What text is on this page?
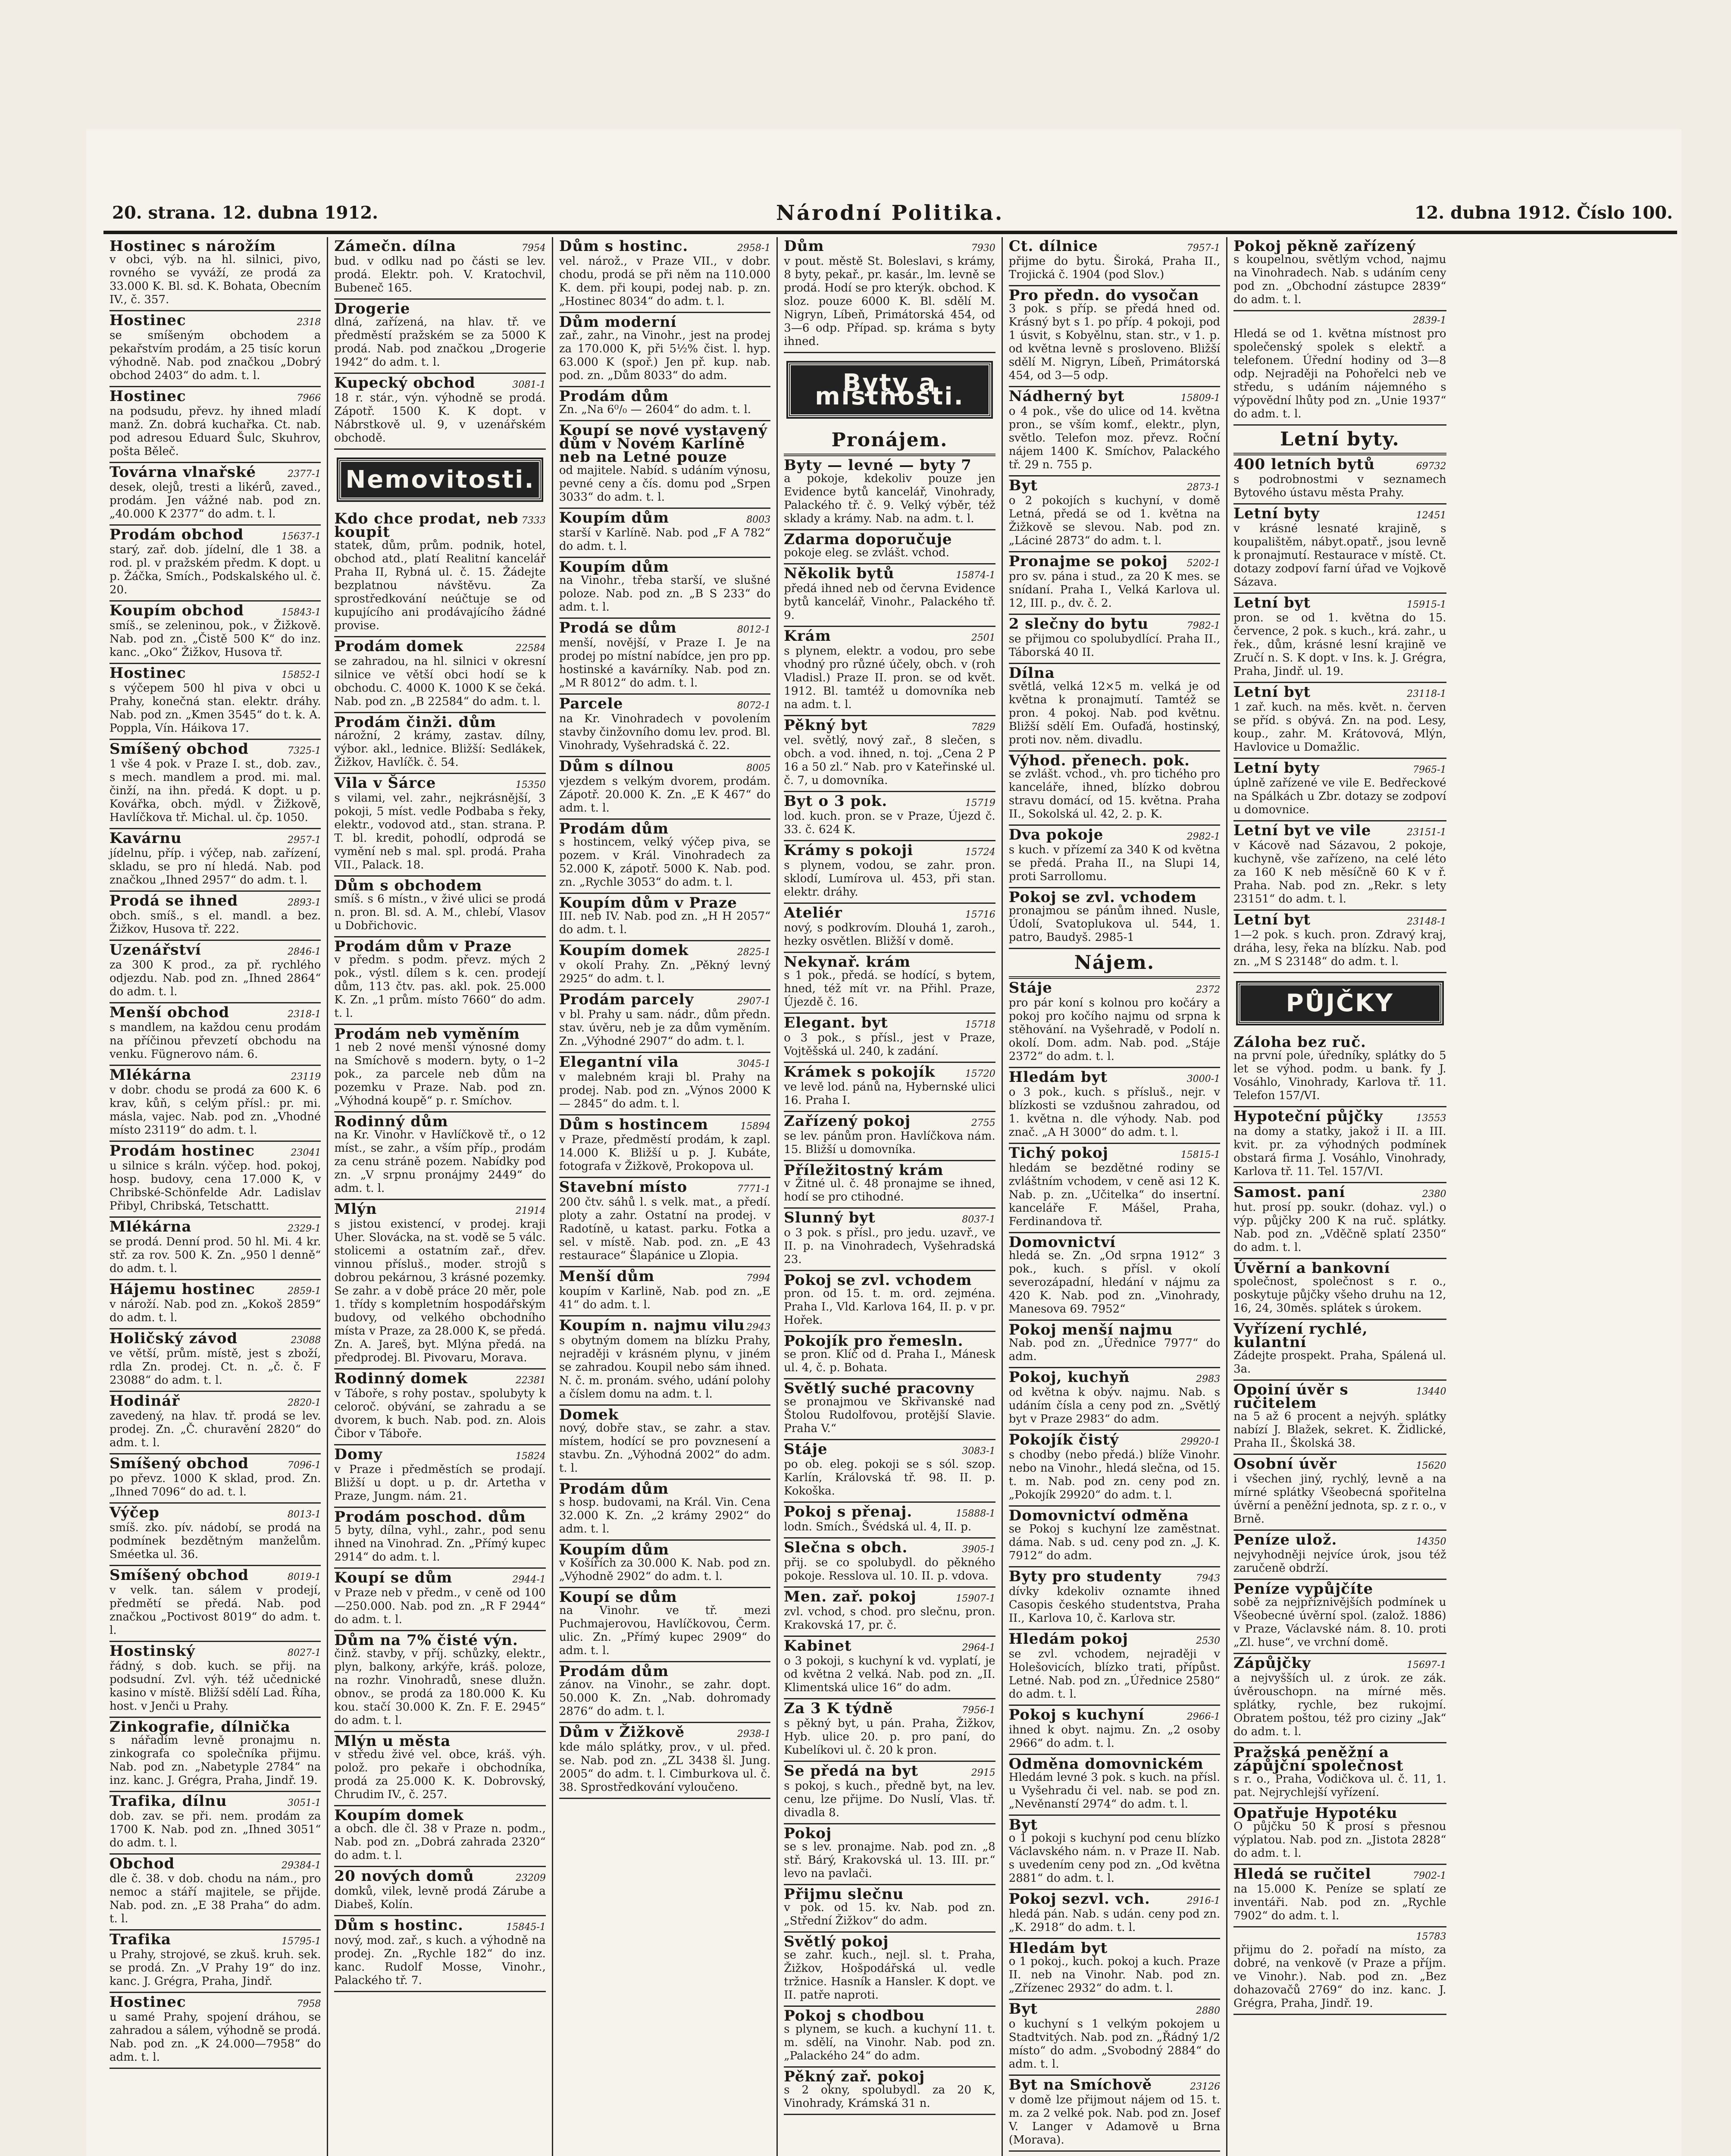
20. strana. 12. dubna 1912.	Národní Politika.	12. dubna 1912. Číslo 100.
Hostinec s nárožím
v obci, výb. na hl. silnici, pivo, rovného se vyváží, ze prodá za 33.000 K. Bl. sd. K. Bohata, Obecním IV., č. 357.
Hostinec	2318
se smíšeným obchodem a pekařstvím prodám, a 25 tisíc korun výhodně. Nab. pod značkou „Dobrý obchod 2403“ do adm. t. l.
Hostinec	7966
na podsudu, převz. hy ihned mladí manž. Zn. dobrá kuchařka. Ct. nab. pod adresou Eduard Šulc, Skuhrov, pošta Běleč.
Továrna vlnařské	2377-1
desek, olejů, tresti a likérů, zaved., prodám. Jen vážné nab. pod zn. „40.000 K 2377“ do adm. t. l.
Prodám obchod	15637-1
starý, zař. dob. jídelní, dle 1 38. a rod. pl. v pražském předm. K dopt. u p. Žáčka, Smích., Podskalského ul. č. 20.
Koupím obchod	15843-1
smíš., se zeleninou, pok., v Žižkově. Nab. pod zn. „Čistě 500 K“ do inz. kanc. „Oko“ Žižkov, Husova tř.
Hostinec	15852-1
s výčepem 500 hl piva v obci u Prahy, konečná stan. elektr. dráhy. Nab. pod zn. „Kmen 3545“ do t. k. A. Poppla, Vín. Háikova 17.
Smíšený obchod	7325-1
1 vše 4 pok. v Praze I. st., dob. zav., s mech. mandlem a prod. mi. mal. činží, na ihn. předá. K dopt. u p. Kovářka, obch. mýdl. v Žižkově, Havlíčkova tř. Michal. ul. čp. 1050.
Kavárnu	2957-1
jídelnu, příp. i výčep, nab. zařízení, skladu, se pro ní hledá. Nab. pod značkou „Ihned 2957“ do adm. t. l.
Prodá se ihned	2893-1
obch. smíš., s el. mandl. a bez. Žižkov, Husova tř. 222.
Uzenářství	2846-1
za 300 K prod., za př. rychlého odjezdu. Nab. pod zn. „Ihned 2864“ do adm. t. l.
Menší obchod	2318-1
s mandlem, na každou cenu prodám na příčinou převzetí obchodu na venku. Fügnerovo nám. 6.
Mlékárna	23119
v dobr. chodu se prodá za 600 K. 6 krav, kůň, s celým přísl.: pr. mi. másla, vajec. Nab. pod zn. „Vhodné místo 23119“ do adm. t. l.
Prodám hostinec	23041
u silnice s králn. výčep. hod. pokoj, hosp. budovy, cena 17.000 K, v Chribské-Schönfelde Adr. Ladislav Přibyl, Chribská, Tetschattt.
Mlékárna	2329-1
se prodá. Denní prod. 50 hl. Mi. 4 kr. stř. za rov. 500 K. Zn. „950 l denně“ do adm. t. l.
Hájemu hostinec	2859-1
v nároží. Nab. pod zn. „Kokoš 2859“ do adm. t. l.
Holičský závod	23088
ve větší, prům. místě, jest s zboží, rdla Zn. prodej. Ct. n. „č. č. F 23088“ do adm. t. l.
Hodinář	2820-1
zavedený, na hlav. tř. prodá se lev. prodej. Zn. „Č. churavění 2820“ do adm. t. l.
Smíšený obchod	7096-1
po převz. 1000 K sklad, prod. Zn. „Ihned 7096“ do ad. t. l.
Výčep	8013-1
smíš. zko. pív. nádobí, se prodá na podmínek bezdětným manželům. Sméetka ul. 36.
Smíšený obchod	8019-1
v velk. tan. sálem v prodejí, předmětí se předá. Nab. pod značkou „Poctivost 8019“ do adm. t. l.
Hostinský	8027-1
řádný, s dob. kuch. se přij. na podsudní. Zvl. výh. též učednické kasino v místě. Bližší sdělí Lad. Říha, host. v Jenči u Prahy.
Zinkografie, dílnička
s nářadím levně pronajmu n. zinkografa co společníka přijmu. Nab. pod zn. „Nabetyple 2784“ na inz. kanc. J. Grégra, Praha, Jindř. 19.
Trafika, dílnu	3051-1
dob. zav. se při. nem. prodám za 1700 K. Nab. pod zn. „Ihned 3051“ do adm. t. l.
Obchod	29384-1
dle č. 38. v dob. chodu na nám., pro nemoc a stáří majitele, se přijde. Nab. pod. zn. „E 38 Praha“ do adm. t. l.
Trafika	15795-1
u Prahy, strojové, se zkuš. kruh. sek. se prodá. Zn. „V Prahy 19“ do inz. kanc. J. Grégra, Praha, Jindř.
Hostinec	7958
u samé Prahy, spojení dráhou, se zahradou a sálem, výhodně se prodá. Nab. pod zn. „K 24.000—7958“ do adm. t. l.
Zámečn. dílna	7954
bud. v odlku nad po části se lev. prodá. Elektr. poh. V. Kratochvil, Bubeneč 165.
Drogerie
dlná, zařízená, na hlav. tř. ve předměstí pražském se za 5000 K prodá. Nab. pod značkou „Drogerie 1942“ do adm. t. l.
Kupecký obchod	3081-1
18 r. stár., výn. výhodně se prodá. Zápotř. 1500 K. K dopt. v Nábrstkově ul. 9, v uzenářském obchodě.
Nemovitosti.
Kdo chce prodat, neb koupit
7333
statek, dům, prům. podnik, hotel, obchod atd., platí Realitní kancelář Praha II, Rybná ul. č. 15. Žádejte bezplatnou návštěvu. Za sprostředkování neúčtuje se od kupujícího ani prodávajícího žádné provise.
Prodám domek	22584
se zahradou, na hl. silnici v okresní silnice ve větší obci hodí se k obchodu. C. 4000 K. 1000 K se čeká. Nab. pod zn. „B 22584“ do adm. t. l.
Prodám činži. dům
nárožní, 2 krámy, zastav. dílny, výbor. akl., lednice. Bližší: Sedlákek, Žižkov, Havlíčk. č. 54.
Vila v Šárce	15350
s vilami, vel. zahr., nejkrásnější, 3 pokoji, 5 míst. vedle Podbaba s řeky, elektr., vodovod atd., stan. strana. P. T. bl. kredit, pohodlí, odprodá se vymění neb s mal. spl. prodá. Praha VII., Palack. 18.
Dům s obchodem
smíš. s 6 místn., v živé ulici se prodá n. pron. Bl. sd. A. M., chlebí, Vlasov u Dobřichovic.
Prodám dům v Praze
v předm. s podm. převz. mých 2 pok., výstl. dílem s k. cen. prodejí dům, 113 čtv. pas. akl. pok. 25.000 K. Zn. „1 prům. místo 7660“ do adm. t. l.
Prodám neb vyměním
1 neb 2 nové menší výnosné domy na Smíchově s modern. byty, o 1–2 pok., za parcele neb dům na pozemku v Praze. Nab. pod zn. „Výhodná koupě“ p. r. Smíchov.
Rodinný dům
na Kr. Vinohr. v Havlíčkově tř., o 12 míst., se zahr., a vším příp., prodám za cenu stráně pozem. Nabídky pod zn. „V srpnu pronájmy 2449“ do adm. t. l.
Mlýn	21914
s jistou existencí, v prodej. kraji Uher. Slováckа, na st. vodě se 5 válc. stolicemi a ostatním zař., dřev. vinnou přísluš., moder. strojů s dobrou pekárnou, 3 krásné pozemky. Se zahr. a v době práce 20 měr, pole 1. třídy s kompletním hospodářským budovy, od velkého obchodního místa v Praze, za 28.000 K, se předá. Zn. A. Jareš, byt. Mlýna předá. na předprodej. Bl. Pivovaru, Morava.
Rodinný domek	22381
v Táboře, s rohy postav., spolubyty k celoroč. obývání, se zahradu a se dvorem, k buch. Nab. pod. zn. Alois Čibor v Táboře.
Domy	15824
v Praze i předměstích se prodají. Bližší u dopt. u p. dr. Artetha v Praze, Jungm. nám. 21.
Prodám poschod. dům
5 byty, dílna, vyhl., zahr., pod senu ihned na Vinohrad. Zn. „Přímý kupec 2914“ do adm. t. l.
Koupí se dům	2944-1
v Praze neb v předm., v ceně od 100—250.000. Nab. pod zn. „R F 2944“ do adm. t. l.
Dům na 7% čisté výn.
činž. stavby, v příj. schůzky, elektr., plyn, balkony, arkýře, kráš. poloze, na rozhr. Vinohradů, snese dlužn. obnov., se prodá za 180.000 K. Ku kou. stačí 30.000 K. Zn. F. E. 2945“ do adm. t. l.
Mlýn u města
v středu živé vel. obce, kráš. výh. polož. pro pekaře i obchodníka, prodá za 25.000 K. K. Dobrovský, Chrudim IV., č. 257.
Koupím domek
a obch. dle čl. 38 v Praze n. podm., Nab. pod zn. „Dobrá zahrada 2320“ do adm. t. l.
20 nových domů	23209
domků, vilek, levně prodá Zárube a Diabeš, Kolín.
Dům s hostinc.	15845-1
nový, mod. zař., s kuch. a výhodně na prodej. Zn. „Rychle 182“ do inz. kanc. Rudolf Mosse, Vinohr., Palackého tř. 7.
Dům s hostinc.	2958-1
vel. nárož., v Praze VII., v dobr. chodu, prodá se při něm na 110.000 K. dem. při koupi, podej nab. p. zn. „Hostinec 8034“ do adm. t. l.
Dům moderní
zař., zahr., na Vinohr., jest na prodej za 170.000 K, při 5½% čist. l. hyp. 63.000 K (spoř.) Jen př. kup. nab. pod. zn. „Dům 8033“ do adm.
Prodám dům
Zn. „Na 6⁰/₀ — 2604“ do adm. t. l.
Koupí se nové vystavený dům v Novém Karlíně neb na Letné pouze
od majitele. Nabíd. s udáním výnosu, pevné ceny a čís. domu pod „Srpen 3033“ do adm. t. l.
Koupím dům	8003
starší v Karlíně. Nab. pod „F A 782“ do adm. t. l.
Koupím dům
na Vinohr., třeba starší, ve slušné poloze. Nab. pod zn. „B S 233“ do adm. t. l.
Prodá se dům	8012-1
menší, novější, v Praze I. Je na prodej po místní nabídce, jen pro pp. hostinské a kavárníky. Nab. pod zn. „M R 8012“ do adm. t. l.
Parcele	8072-1
na Kr. Vinohradech v povolením stavby činžovního domu lev. prod. Bl. Vinohrady, Vyšehradská č. 22.
Dům s dílnou	8005
vjezdem s velkým dvorem, prodám. Zápotř. 20.000 K. Zn. „E K 467“ do adm. t. l.
Prodám dům
s hostincem, velký výčep piva, se pozem. v Král. Vinohradech za 52.000 K, zápotř. 5000 K. Nab. pod. zn. „Rychle 3053“ do adm. t. l.
Koupím dům v Praze
III. neb IV. Nab. pod zn. „H H 2057“ do adm. t. l.
Koupím domek	2825-1
v okolí Prahy. Zn. „Pěkný levný 2925“ do adm. t. l.
Prodám parcely	2907-1
v bl. Prahy u sam. nádr., dům předn. stav. úvěru, neb je za dům vyměním. Zn. „Výhodné 2907“ do adm. t. l.
Elegantní vila	3045-1
v malebném kraji bl. Prahy na prodej. Nab. pod zn. „Výnos 2000 K — 2845“ do adm. t. l.
Dům s hostincem	15894
v Praze, předměstí prodám, k zapl. 14.000 K. Bližší u p. J. Kubáte, fotografa v Žižkově, Prokopova ul.
Stavební místo	7771-1
200 čtv. sáhů l. s velk. mat., a předí. ploty a zahr. Ostatní na prodej. v Radotíně, u katast. parku. Fotka a sel. v místě. Nab. pod. zn. „E 43 restaurace“ Šlapánice u Zlopia.
Menší dům	7994
koupím v Karlině, Nab. pod zn. „E 41“ do adm. t. l.
Koupím n. najmu vilu 2943
s obytným domem na blízku Prahy, nejraději v krásném plynu, v jiném se zahradou. Koupil nebo sám ihned. N. č. m. pronám. svého, udání polohy a číslem domu na adm. t. l.
Domek
nový, dobře stav., se zahr. a stav. místem, hodící se pro povznesení a stavbu. Zn. „Výhodná 2002“ do adm. t. l.
Prodám dům
s hosp. budovami, na Král. Vin. Cena 32.000 K. Zn. „2 krámy 2902“ do adm. t. l.
Koupím dům
v Košířích za 30.000 K. Nab. pod zn. „Výhodně 2902“ do adm. t. l.
Koupí se dům
na Vinohr. ve tř. mezi Puchmajerovou, Havlíčkovou, Čerm. ulic. Zn. „Přímý kupec 2909“ do adm. t. l.
Prodám dům
zánov. na Vinohr., se zahr. dopt. 50.000 K. Zn. „Nab. dohromady 2876“ do adm. t. l.
Dům v Žižkově	2938-1
kde málo splátky, prov., v ul. před. se. Nab. pod zn. „ZL 3438 šl. Jung. 2005“ do adm. t. l. Cimburkova ul. č. 38. Sprostředkování vyloučeno.
Dům	7930
v pout. městě St. Boleslavi, s krámy, 8 byty, pekař., pr. kasár., lm. levně se prodá. Hodí se pro kterýk. obchod. K sloz. pouze 6000 K. Bl. sdělí M. Nigryn, Líbeň, Primátorská 454, od 3—6 odp. Případ. sp. kráma s byty ihned.
Byty a místnosti.
Pronájem.
Byty — levné — byty 7
a pokoje, kdekoliv pouze jen Evidence bytů kancelář, Vinohrady, Palackého tř. č. 9. Velký výběr, též sklady a krámy. Nab. na adm. t. l.
Zdarma doporučuje
pokoje eleg. se zvlášt. vchod.
Několik bytů	15874-1
předá ihned neb od června Evidence bytů kancelář, Vinohr., Palackého tř. 9.
Krám	2501
s plynem, elektr. a vodou, pro sebe vhodný pro různé účely, obch. v (roh Vladisl.) Praze II. pron. se od květ. 1912. Bl. tamtéž u domovníka neb na adm. t. l.
Pěkný byt	7829
vel. světlý, nový zař., 8 slečen, s obch. a vod. ihned, n. toj. „Cena 2 P 16 a 50 zl.“ Nab. pro v Kateřinské ul. č. 7, u domovníka.
Byt o 3 pok.	15719
lod. kuch. pron. se v Praze, Újezd č. 33. č. 624 K.
Krámy s pokoji	15724
s plynem, vodou, se zahr. pron. sklodí, Lumírova ul. 453, při stan. elektr. dráhy.
Ateliér	15716
nový, s podkrovím. Dlouhá 1, zaroh., hezky osvětlen. Bližší v domě.
Nekynař. krám
s 1 pok., předá. se hodící, s bytem, hned, též mít vr. na Přihl. Praze, Újezdě č. 16.
Elegant. byt	15718
o 3 pok., s přísl., jest v Praze, Vojtěšská ul. 240, k zadání.
Krámek s pokojík	15720
ve levě lod. pánů na, Hybernské ulici 16. Praha I.
Zařízený pokoj	2755
se lev. pánům pron. Havlíčkova nám. 15. Bližší u domovníka.
Příležitostný krám
v Žitné ul. č. 48 pronajme se ihned, hodí se pro ctihodné.
Slunný byt	8037-1
o 3 pok. s přísl., pro jedu. uzavř., ve II. p. na Vinohradech, Vyšehradská 23.
Pokoj se zvl. vchodem
pron. od 15. t. m. ord. zejména. Praha I., Vld. Karlova 164, II. p. v pr. Hořek.
Pokojík pro řemesln.
se pron. Klíč od d. Praha I., Mánesk ul. 4, č. p. Bohata.
Světlý suché pracovny
se pronajmou ve Skřivanské nad Štolou Rudolfovou, protější Slavie. Praha V.“
Stáje	3083-1
po ob. eleg. pokoji se s sól. szop. Karlín, Královská tř. 98. II. p. Kokoška.
Pokoj s přenaj.	15888-1
lodn. Smích., Švédská ul. 4, II. p.
Slečna s obch.	3905-1
přij. se co spolubydl. do pěkného pokoje. Resslova ul. 10. II. p. vdova.
Men. zař. pokoj	15907-1
zvl. vchod, s chod. pro slečnu, pron. Krakovská 17, pr. č.
Kabinet	2964-1
o 3 pokoji, s kuchyní k vd. vyplatí, je od května 2 velká. Nab. pod zn. „II. Klimentská ulice 16“ do adm.
Za 3 K týdně	7956-1
s pěkný byt, u pán. Praha, Žižkov, Hyb. ulice 20. p. pro paní, do Kubelíkovi ul. č. 20 k pron.
Se předá na byt	2915
s pokoj, s kuch., předně byt, na lev. cenu, lze přijme. Do Nuslí, Vlas. tř. divadla 8.
Pokoj
se s lev. pronajme. Nab. pod zn. „8 stř. Bárý, Krakovská ul. 13. III. pr.“ levo na pavlači.
Přijmu slečnu
v pok. od 15. kv. Nab. pod zn. „Střední Žižkov“ do adm.
Světlý pokoj
se zahr. kuch., nejl. sl. t. Praha, Žižkov, Hošpodářská ul. vedle tržnice. Hasník a Hansler. K dopt. ve II. patře naproti.
Pokoj s chodbou
s plynem, se kuch. a kuchyní 11. t. m. sdělí, na Vinohr. Nab. pod zn. „Palackého 24“ do adm.
Pěkný zař. pokoj
s 2 okny, spolubydl. za 20 K, Vinohrady, Krámská 31 n.
Ct. dílnice	7957-1
přijme do bytu. Široká, Praha II., Trojická č. 1904 (pod Slov.)
Pro předn. do vysočan
3 pok. s příp. se předá hned od. Krásný byt s 1. po příp. 4 pokoji, pod 1 úsvit, s Kobyělnu, stan. str., v 1. p. od května levně s prosloveno. Bližší sdělí M. Nigryn, Líbeň, Primátorská 454, od 3—5 odp.
Nádherný byt	15809-1
o 4 pok., vše do ulice od 14. května pron., se vším komf., elektr., plyn, světlo. Telefon moz. převz. Roční nájem 1400 K. Smíchov, Palackého tř. 29 n. 755 p.
Byt	2873-1
o 2 pokojích s kuchyní, v domě Letná, předá se od 1. května na Žižkově se slevou. Nab. pod zn. „Láciné 2873“ do adm. t. l.
Pronajme se pokoj 5202-1
pro sv. pána i stud., za 20 K mes. se snídaní. Praha I., Velká Karlova ul. 12, III. p., dv. č. 2.
2 slečny do bytu	7982-1
se přijmou co spolubydlící. Praha II., Táborská 40 II.
Dílna
světlá, velká 12×5 m. velká je od května k pronajmutí. Tamtéž se pron. 4 pokoj. Nab. pod květnu. Bližší sdělí Em. Oufaďá, hostinský, proti nov. něm. divadlu.
Výhod. přenech. pok.
se zvlášt. vchod., vh. pro tichého pro kanceláře, ihned, blízko dobrou stravu domácí, od 15. května. Praha II., Sokolská ul. 42, 2. p. K.
Dva pokoje	2982-1
s kuch. v přízemí za 340 K od května se předá. Praha II., na Slupi 14, proti Sarrollomu.
Pokoj se zvl. vchodem
pronajmou se pánům ihned. Nusle, Údolí, Svatoplukova ul. 544, 1. patro, Baudyš. 2985-1
Nájem.
Stáje	2372
pro pár koní s kolnou pro kočáry a pokoj pro kočího najmu od srpna k stěhování. na Vyšehradě, v Podolí n. okolí. Dom. adm. Nab. pod. „Stáje 2372“ do adm. t. l.
Hledám byt	3000-1
o 3 pok., kuch. s přísluš., nejr. v blízkosti se vzdušnou zahradou, od 1. května n. dle výhody. Nab. pod znač. „A H 3000“ do adm. t. l.
Tichý pokoj	15815-1
hledám se bezdětné rodiny se zvláštním vchodem, v ceně asi 12 K. Nab. p. zn. „Učitelka“ do insertní. kanceláře F. Mášel, Praha, Ferdinandova tř.
Domovnictví
hledá se. Zn. „Od srpna 1912“ 3 pok., kuch. s přísl. v okolí severozápadní, hledání v nájmu za 420 K. Nab. pod zn. „Vinohrady, Manesova 69. 7952“
Pokoj menší najmu
Nab. pod zn. „Úřednice 7977“ do adm.
Pokoj, kuchyň	2983
od května k obýv. najmu. Nab. s udáním čísla a ceny pod zn. „Světlý byt v Praze 2983“ do adm.
Pokojík čistý	29920-1
s chodby (nebo předá.) blíže Vinohr. nebo na Vinohr., hledá slečna, od 15. t. m. Nab. pod zn. ceny pod zn. „Pokojík 29920“ do adm. t. l.
Domovnictví odměna
se Pokoj s kuchyní lze zaměstnat. dáma. Nab. s ud. ceny pod zn. „J. K. 7912“ do adm.
Byty pro studenty	7943
dívky kdekoliv oznamte ihned Casopis českého studentstva, Praha II., Karlova 10, č. Karlova str.
Hledám pokoj	2530
se zvl. vchodem, nejraději v Holešovicích, blízko trati, přípůst. Letné. Nab. pod zn. „Úřednice 2580“ do adm. t. l.
Pokoj s kuchyní	2966-1
ihned k obyt. najmu. Zn. „2 osoby 2966“ do adm. t. l.
Odměna domovnickém
Hledám levné 3 pok. s kuch. na přísl. u Vyšehradu či vel. nab. se pod zn. „Nevěnanstí 2974“ do adm. t. l.
Byt
o 1 pokoji s kuchyní pod cenu blízko Václavského nám. n. v Praze II. Nab. s uvedením ceny pod zn. „Od května 2881“ do adm. t. l.
Pokoj sezvl. vch.	2916-1
hledá pán. Nab. s udán. ceny pod zn. „K. 2918“ do adm. t. l.
Hledám byt
o 1 pokoj., kuch. pokoj a kuch. Praze II. neb na Vinohr. Nab. pod zn. „Zřízenec 2932“ do adm. t. l.
Byt	2880
o kuchyní s 1 velkým pokojem u Stadtvitých. Nab. pod zn. „Řádný 1/2 místo“ do adm. „Svobodný 2884“ do adm. t. l.
Byt na Smíchově	23126
v domě lze přijmout nájem od 15. t. m. za 2 velké pok. Nab. pod zn. Josef V. Langer v Adamově u Brna (Morava).
Pokoj pěkně zařízený
s koupelnou, světlým vchod, najmu na Vinohradech. Nab. s udáním ceny pod zn. „Obchodní zástupce 2839“ do adm. t. l.
2839-1
Hledá se od 1. května místnost pro společenský spolek s elektř. a telefonem. Úřední hodiny od 3—8 odp. Nejraději na Pohořelci neb ve středu, s udáním nájemného s výpovědní lhůty pod zn. „Unie 1937“ do adm. t. l.
Letní byty.
400 letních bytů	69732
s podrobnostmi v seznamech Bytového ústavu města Prahy.
Letní byty	12451
v krásné lesnaté krajině, s koupalištěm, nábyt.opatř., jsou levně k pronajmutí. Restaurace v místě. Ct. dotazy zodpoví farní úřad ve Vojkově Sázava.
Letní byt	15915-1
pron. se od 1. května do 15. července, 2 pok. s kuch., krá. zahr., u řek., dům, krásné lesní krajině ve Zručí n. S. K dopt. v Ins. k. J. Grégra, Praha, Jindř. ul. 19.
Letní byt	23118-1
1 zař. kuch. na měs. květ. n. červen se příd. s obývá. Zn. na pod. Lesy, koup., zahr. M. Krátovová, Mlýn, Havlovice u Domažlic.
Letní byty	7965-1
úplně zařízené ve vile E. Bedřeckové na Spálkách u Zbr. dotazy se zodpoví u domovnice.
Letní byt ve vile	23151-1
v Kácově nad Sázavou, 2 pokoje, kuchyně, vše zařízeno, na celé léto za 160 K neb měsíčně 60 K v ř. Praha. Nab. pod zn. „Rekr. s lety 23151“ do adm. t. l.
Letní byt	23148-1
1—2 pok. s kuch. pron. Zdravý kraj, dráha, lesy, řeka na blízku. Nab. pod zn. „M S 23148“ do adm. t. l.
PŮJČKY
Záloha bez ruč.
na první pole, úředníky, splátky do 5 let se výhod. podm. u bank. fy J. Vosáhlo, Vinohrady, Karlova tř. 11. Telefon 157/VI.
Hypoteční půjčky	13553
na domy a statky, jakož i II. a III. kvit. pr. za výhodných podmínek obstará firma J. Vosáhlo, Vinohrady, Karlova tř. 11. Tel. 157/VI.
Samost. paní	2380
hut. prosí pp. soukr. (dohaz. vyl.) o výp. půjčky 200 K na ruč. splátky. Nab. pod zn. „Vděčně splatí 2350“ do adm. t. l.
Úvěrní a bankovní
společnost, společnost s r. o., poskytuje půjčky všeho druhu na 12, 16, 24, 30měs. splátek s úrokem.
Vyřízení rychlé, kulantní
Zádejte prospekt. Praha, Spálená ul. 3a.
Opoiní úvěr s ručitelem
13440
na 5 až 6 procent a nejvýh. splátky nabízí J. Blažek, sekret. K. Židlické, Praha II., Školská 38.
Osobní úvěr	15620
i všechen jiný, rychlý, levně a na mírné splátky Všeobecná spořitelna úvěrní a peněžní jednota, sp. z r. o., v Brně.
Peníze ulož.	14350
nejvyhodněji nejvíce úrok, jsou též zaručeně obdrží.
Peníze vypůjčíte
sobě za nejpříznivějších podmínek u Všeobecné úvěrní spol. (založ. 1886) v Praze, Václavské nám. 8. 10. proti „Zl. huse“, ve vrchní domě.
Zápůjčky	15697-1
a nejvyšších ul. z úrok. ze zák. úvěrouschopn. na mírné měs. splátky, rychle, bez rukojmí. Obratem poštou, též pro ciziny „Jak“ do adm. t. l.
Pražská peněžní a zápůjční společnost
s r. o., Praha, Vodičkova ul. č. 11, 1. pat. Nejrychlejší vyřízení.
Opatřuje Hypotéku
O půjčku 50 K prosí s přesnou výplatou. Nab. pod zn. „Jistota 2828“ do adm. t. l.
Hledá se ručitel	7902-1
na 15.000 K. Peníze se splatí ze inventáři. Nab. pod zn. „Rychle 7902“ do adm. t. l.
15783
přijmu do 2. pořadí na místo, za dobré, na venkově (v Praze a příjm. ve Vinohr.). Nab. pod zn. „Bez dohazovačů 2769“ do inz. kanc. J. Grégra, Praha, Jindř. 19.
